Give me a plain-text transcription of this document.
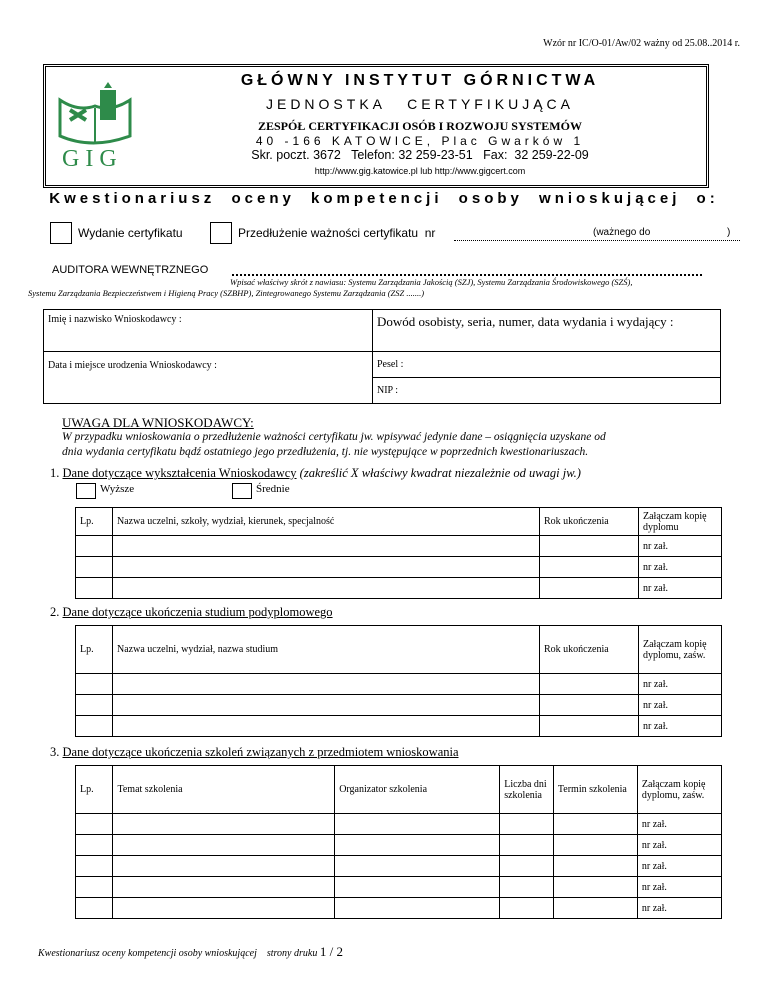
Wzór nr IC/O-01/Aw/02 ważny od 25.08..2014 r.
GIG
GŁÓWNY INSTYTUT GÓRNICTWA
JEDNOSTKA CERTYFIKUJĄCA
ZESPÓŁ CERTYFIKACJI OSÓB I ROZWOJU SYSTEMÓW
40 -166 KATOWICE, Plac Gwarków 1
Skr. poczt. 3672   Telefon: 32 259-23-51   Fax:  32 259-22-09
http://www.gig.katowice.pl lub http://www.gigcert.com
Kwestionariusz oceny kompetencji osoby wnioskującej o:
Wydanie certyfikatu	Przedłużenie ważności certyfikatu  nr	(ważnego do	)
AUDITORA WEWNĘTRZNEGO
Wpisać właściwy skrót z nawiasu: Systemu Zarządzania Jakością (SZJ), Systemu Zarządzania Środowiskowego (SZŚ),
Systemu Zarządzania Bezpieczeństwem i Higieną Pracy (SZBHP), Zintegrowanego Systemu Zarządzania (ZSZ .......)
Imię i nazwisko Wnioskodawcy :	Dowód osobisty, seria, numer, data wydania i wydający :
Data i miejsce urodzenia Wnioskodawcy :	Pesel :
	NIP :
UWAGA DLA WNIOSKODAWCY:
W przypadku wnioskowania o przedłużenie ważności certyfikatu jw. wpisywać jedynie dane – osiągnięcia uzyskane od
dnia wydania certyfikatu bądź ostatniego jego przedłużenia, tj. nie występujące w poprzednich kwestionariuszach.
1. Dane dotyczące wykształcenia Wnioskodawcy (zakreślić X właściwy kwadrat niezależnie od uwagi jw.)
Wyższe	Średnie
Lp.	Nazwa uczelni, szkoły, wydział, kierunek, specjalność	Rok ukończenia	Załączam kopię dyplomu
			nr zał.
			nr zał.
			nr zał.
2. Dane dotyczące ukończenia studium podyplomowego
Lp.	Nazwa uczelni, wydział, nazwa studium	Rok ukończenia	Załączam kopię dyplomu, zaśw.
			nr zał.
			nr zał.
			nr zał.
3. Dane dotyczące ukończenia szkoleń związanych z przedmiotem wnioskowania
Lp.	Temat szkolenia	Organizator szkolenia	Liczba dni szkolenia	Termin szkolenia	Załączam kopię dyplomu, zaśw.
					nr zał.
					nr zał.
					nr zał.
					nr zał.
					nr zał.
Kwestionariusz oceny kompetencji osoby wnioskującej strony druku 1 / 2
